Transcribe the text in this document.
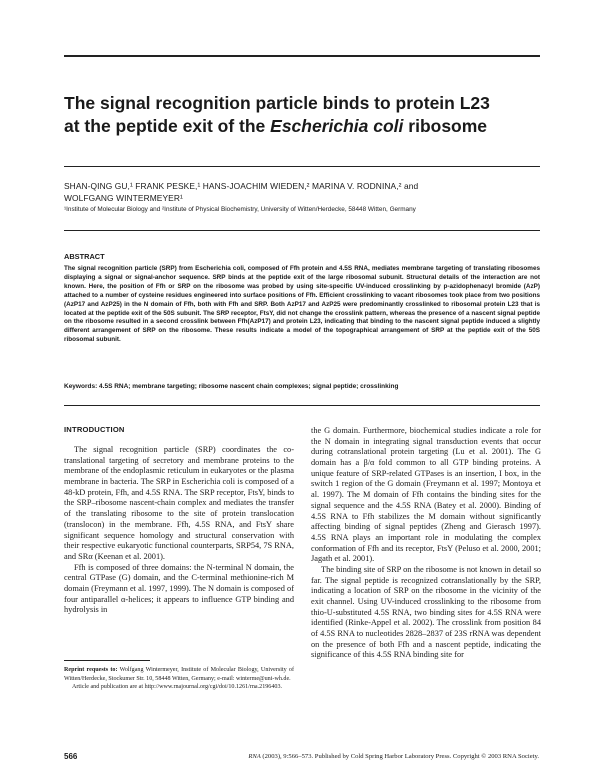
The signal recognition particle binds to protein L23
at the peptide exit of the Escherichia coli ribosome

SHAN-QING GU,¹ FRANK PESKE,¹ HANS-JOACHIM WIEDEN,² MARINA V. RODNINA,² and
WOLFGANG WINTERMEYER¹

¹Institute of Molecular Biology and ²Institute of Physical Biochemistry, University of Witten/Herdecke, 58448 Witten, Germany

ABSTRACT

The signal recognition particle (SRP) from Escherichia coli, composed of Ffh protein and 4.5S RNA, mediates membrane targeting of translating ribosomes displaying a signal or signal-anchor sequence. SRP binds at the peptide exit of the large ribosomal subunit. Structural details of the interaction are not known. Here, the position of Ffh or SRP on the ribosome was probed by using site-specific UV-induced crosslinking by p-azidophenacyl bromide (AzP) attached to a number of cysteine residues engineered into surface positions of Ffh. Efficient crosslinking to vacant ribosomes took place from two positions (AzP17 and AzP25) in the N domain of Ffh, both with Ffh and SRP. Both AzP17 and AzP25 were predominantly crosslinked to ribosomal protein L23 that is located at the peptide exit of the 50S subunit. The SRP receptor, FtsY, did not change the crosslink pattern, whereas the presence of a nascent signal peptide on the ribosome resulted in a second crosslink between Ffh(AzP17) and protein L23, indicating that binding to the nascent signal peptide induced a slightly different arrangement of SRP on the ribosome. These results indicate a model of the topographical arrangement of SRP at the peptide exit of the 50S ribosomal subunit.

Keywords: 4.5S RNA; membrane targeting; ribosome nascent chain complexes; signal peptide; crosslinking

INTRODUCTION

The signal recognition particle (SRP) coordinates the co-translational targeting of secretory and membrane proteins to the membrane of the endoplasmic reticulum in eukaryotes or the plasma membrane in bacteria. The SRP in Escherichia coli is composed of a 48-kD protein, Ffh, and 4.5S RNA. The SRP receptor, FtsY, binds to the SRP–ribosome nascent-chain complex and mediates the transfer of the translating ribosome to the site of protein translocation (translocon) in the membrane. Ffh, 4.5S RNA, and FtsY share significant sequence homology and structural conservation with their respective eukaryotic functional counterparts, SRP54, 7S RNA, and SRα (Keenan et al. 2001).

Ffh is composed of three domains: the N-terminal N domain, the central GTPase (G) domain, and the C-terminal methionine-rich M domain (Freymann et al. 1997, 1999). The N domain is composed of four antiparallel α-helices; it appears to influence GTP binding and hydrolysis in

the G domain. Furthermore, biochemical studies indicate a role for the N domain in integrating signal transduction events that occur during cotranslational protein targeting (Lu et al. 2001). The G domain has a β/α fold common to all GTP binding proteins. A unique feature of SRP-related GTPases is an insertion, I box, in the switch 1 region of the G domain (Freymann et al. 1997; Montoya et al. 1997). The M domain of Ffh contains the binding sites for the signal sequence and the 4.5S RNA (Batey et al. 2000). Binding of 4.5S RNA to Ffh stabilizes the M domain without significantly affecting binding of signal peptides (Zheng and Gierasch 1997). 4.5S RNA plays an important role in modulating the complex conformation of Ffh and its receptor, FtsY (Peluso et al. 2000, 2001; Jagath et al. 2001).

The binding site of SRP on the ribosome is not known in detail so far. The signal peptide is recognized cotranslationally by the SRP, indicating a location of SRP on the ribosome in the vicinity of the exit channel. Using UV-induced crosslinking to the ribosome from thio-U-substituted 4.5S RNA, two binding sites for 4.5S RNA were identified (Rinke-Appel et al. 2002). The crosslink from position 84 of 4.5S RNA to nucleotides 2828–2837 of 23S rRNA was dependent on the presence of both Ffh and a nascent peptide, indicating the significance of this 4.5S RNA binding site for

Reprint requests to: Wolfgang Wintermeyer, Institute of Molecular Biology, University of Witten/Herdecke, Stockumer Str. 10, 58448 Witten, Germany; e-mail: winterme@uni-wh.de.
Article and publication are at http://www.rnajournal.org/cgi/doi/10.1261/rna.2196403.

566	RNA (2003), 9:566–573. Published by Cold Spring Harbor Laboratory Press. Copyright © 2003 RNA Society.
